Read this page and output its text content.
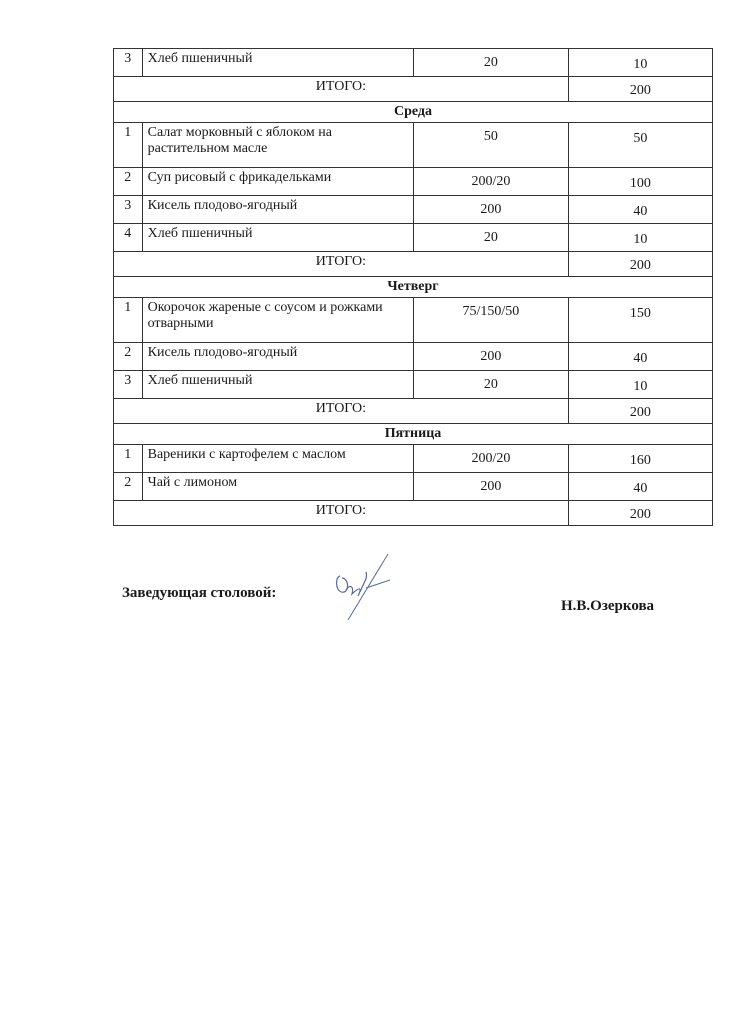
3	Хлеб пшеничный	20	10
ИТОГО:			200
Среда			
1	Салат морковный с яблоком на растительном масле	50	50
2	Суп рисовый с фрикадельками	200/20	100
3	Кисель плодово-ягодный	200	40
4	Хлеб пшеничный	20	10
ИТОГО:			200
Четверг			
1	Окорочок жареные с соусом и рожками отварными	75/150/50	150
2	Кисель плодово-ягодный	200	40
3	Хлеб пшеничный	20	10
ИТОГО:			200
Пятница			
1	Вареники с картофелем с маслом	200/20	160
2	Чай с лимоном	200	40
ИТОГО:			200
Заведующая столовой:
Н.В.Озеркова
